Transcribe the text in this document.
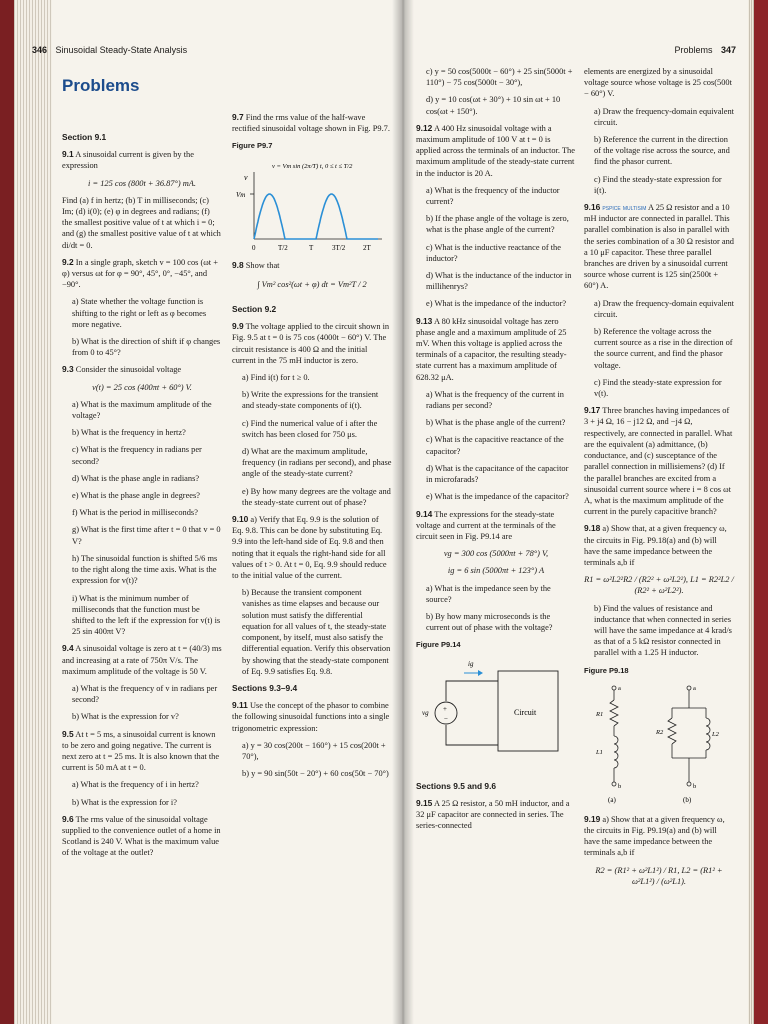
346 Sinusoidal Steady-State Analysis
Problems
Section 9.1

9.1 A sinusoidal current is given by the expression

i = 125 cos (800t + 36.87°) mA.

Find (a) f in hertz; (b) T in milliseconds; (c) Im; (d) i(0); (e) φ in degrees and radians; (f) the smallest positive value of t at which i = 0; and (g) the smallest positive value of t at which di/dt = 0.

9.2 In a single graph, sketch v = 100 cos (ωt + φ) versus ωt for φ = 90°, 45°, 0°, −45°, and −90°.

a) State whether the voltage function is shifting to the right or left as φ becomes more negative.

b) What is the direction of shift if φ changes from 0 to 45°?

9.3 Consider the sinusoidal voltage

v(t) = 25 cos (400πt + 60°) V.

a) What is the maximum amplitude of the voltage?

b) What is the frequency in hertz?

c) What is the frequency in radians per second?

d) What is the phase angle in radians?

e) What is the phase angle in degrees?

f) What is the period in milliseconds?

g) What is the first time after t = 0 that v = 0 V?

h) The sinusoidal function is shifted 5/6 ms to the right along the time axis. What is the expression for v(t)?

i) What is the minimum number of milliseconds that the function must be shifted to the left if the expression for v(t) is 25 sin 400πt V?

9.4 A sinusoidal voltage is zero at t = (40/3) ms and increasing at a rate of 750π V/s. The maximum amplitude of the voltage is 50 V.

a) What is the frequency of v in radians per second?

b) What is the expression for v?

9.5 At t = 5 ms, a sinusoidal current is known to be zero and going negative. The current is next zero at t = 25 ms. It is also known that the current is 50 mA at t = 0.

a) What is the frequency of i in hertz?

b) What is the expression for i?

9.6 The rms value of the sinusoidal voltage supplied to the convenience outlet of a home in Scotland is 240 V. What is the maximum value of the voltage at the outlet?

9.7 Find the rms value of the half-wave rectified sinusoidal voltage shown in Fig. P9.7.

Figure P9.7
v
Vm
v = Vm sin (2π/T) t, 0 ≤ t ≤ T/2
0	T/2	T	3T/2	2T

9.8 Show that

∫ Vm² cos²(ωt + φ) dt = Vm²T / 2
Section 9.2

9.9 The voltage applied to the circuit shown in Fig. 9.5 at t = 0 is 75 cos (4000t − 60°) V. The circuit resistance is 400 Ω and the initial current in the 75 mH inductor is zero.

a) Find i(t) for t ≥ 0.

b) Write the expressions for the transient and steady-state components of i(t).

c) Find the numerical value of i after the switch has been closed for 750 μs.

d) What are the maximum amplitude, frequency (in radians per second), and phase angle of the steady-state current?

e) By how many degrees are the voltage and the steady-state current out of phase?

9.10 a) Verify that Eq. 9.9 is the solution of Eq. 9.8. This can be done by substituting Eq. 9.9 into the left-hand side of Eq. 9.8 and then noting that it equals the right-hand side for all values of t > 0. At t = 0, Eq. 9.9 should reduce to the initial value of the current.

b) Because the transient component vanishes as time elapses and because our solution must satisfy the differential equation for all values of t, the steady-state component, by itself, must also satisfy the differential equation. Verify this observation by showing that the steady-state component of Eq. 9.9 satisfies Eq. 9.8.

Sections 9.3–9.4

9.11 Use the concept of the phasor to combine the following sinusoidal functions into a single trigonometric expression:

a) y = 30 cos(200t − 160°) + 15 cos(200t + 70°),

b) y = 90 sin(50t − 20°) + 60 cos(50t − 70°)

Problems 347

c) y = 50 cos(5000t − 60°) + 25 sin(5000t + 110°) − 75 cos(5000t − 30°),

d) y = 10 cos(ωt + 30°) + 10 sin ωt + 10 cos(ωt + 150°).

9.12 A 400 Hz sinusoidal voltage with a maximum amplitude of 100 V at t = 0 is applied across the terminals of an inductor. The maximum amplitude of the steady-state current in the inductor is 20 A.

a) What is the frequency of the inductor current?

b) If the phase angle of the voltage is zero, what is the phase angle of the current?

c) What is the inductive reactance of the inductor?

d) What is the inductance of the inductor in millihenrys?

e) What is the impedance of the inductor?

9.13 A 80 kHz sinusoidal voltage has zero phase angle and a maximum amplitude of 25 mV. When this voltage is applied across the terminals of a capacitor, the resulting steady-state current has a maximum amplitude of 628.32 μA.

a) What is the frequency of the current in radians per second?

b) What is the phase angle of the current?

c) What is the capacitive reactance of the capacitor?

d) What is the capacitance of the capacitor in microfarads?

e) What is the impedance of the capacitor?

9.14 The expressions for the steady-state voltage and current at the terminals of the circuit seen in Fig. P9.14 are

vg = 300 cos (5000πt + 78°) V,
ig = 6 sin (5000πt + 123°) A

a) What is the impedance seen by the source?

b) By how many microseconds is the current out of phase with the voltage?

Figure P9.14
Circuit
+
−
ig
vg
Sections 9.5 and 9.6

9.15 A 25 Ω resistor, a 50 mH inductor, and a 32 μF capacitor are connected in series. The series-connected

elements are energized by a sinusoidal voltage source whose voltage is 25 cos(500t − 60°) V.

a) Draw the frequency-domain equivalent circuit.

b) Reference the current in the direction of the voltage rise across the source, and find the phasor current.

c) Find the steady-state expression for i(t).

9.16 PSPICE MULTISIM A 25 Ω resistor and a 10 mH inductor are connected in parallel. This parallel combination is also in parallel with the series combination of a 30 Ω resistor and a 10 μF capacitor. These three parallel branches are driven by a sinusoidal current source whose current is 125 sin(2500t + 60°) A.

a) Draw the frequency-domain equivalent circuit.

b) Reference the voltage across the current source as a rise in the direction of the source current, and find the phasor voltage.

c) Find the steady-state expression for v(t).

9.17 Three branches having impedances of 3 + j4 Ω, 16 − j12 Ω, and −j4 Ω, respectively, are connected in parallel. What are the equivalent (a) admittance, (b) conductance, and (c) susceptance of the parallel connection in millisiemens? (d) If the parallel branches are excited from a sinusoidal current source where i = 8 cos ωt A, what is the maximum amplitude of the current in the purely capacitive branch?

9.18 a) Show that, at a given frequency ω, the circuits in Fig. P9.18(a) and (b) will have the same impedance between the terminals a,b if

R1 = ω²L2²R2 / (R2² + ω²L2²), L1 = R2²L2 / (R2² + ω²L2²).

b) Find the values of resistance and inductance that when connected in series will have the same impedance at 4 krad/s as that of a 5 kΩ resistor connected in parallel with a 1.25 H inductor.

Figure P9.18
a
R1
L1
b
(a)
a
R2	L2
b
(b)

9.19 a) Show that at a given frequency ω, the circuits in Fig. P9.19(a) and (b) will have the same impedance between the terminals a,b if

R2 = (R1² + ω²L1²) / R1, L2 = (R1² + ω²L1²) / (ω²L1).
